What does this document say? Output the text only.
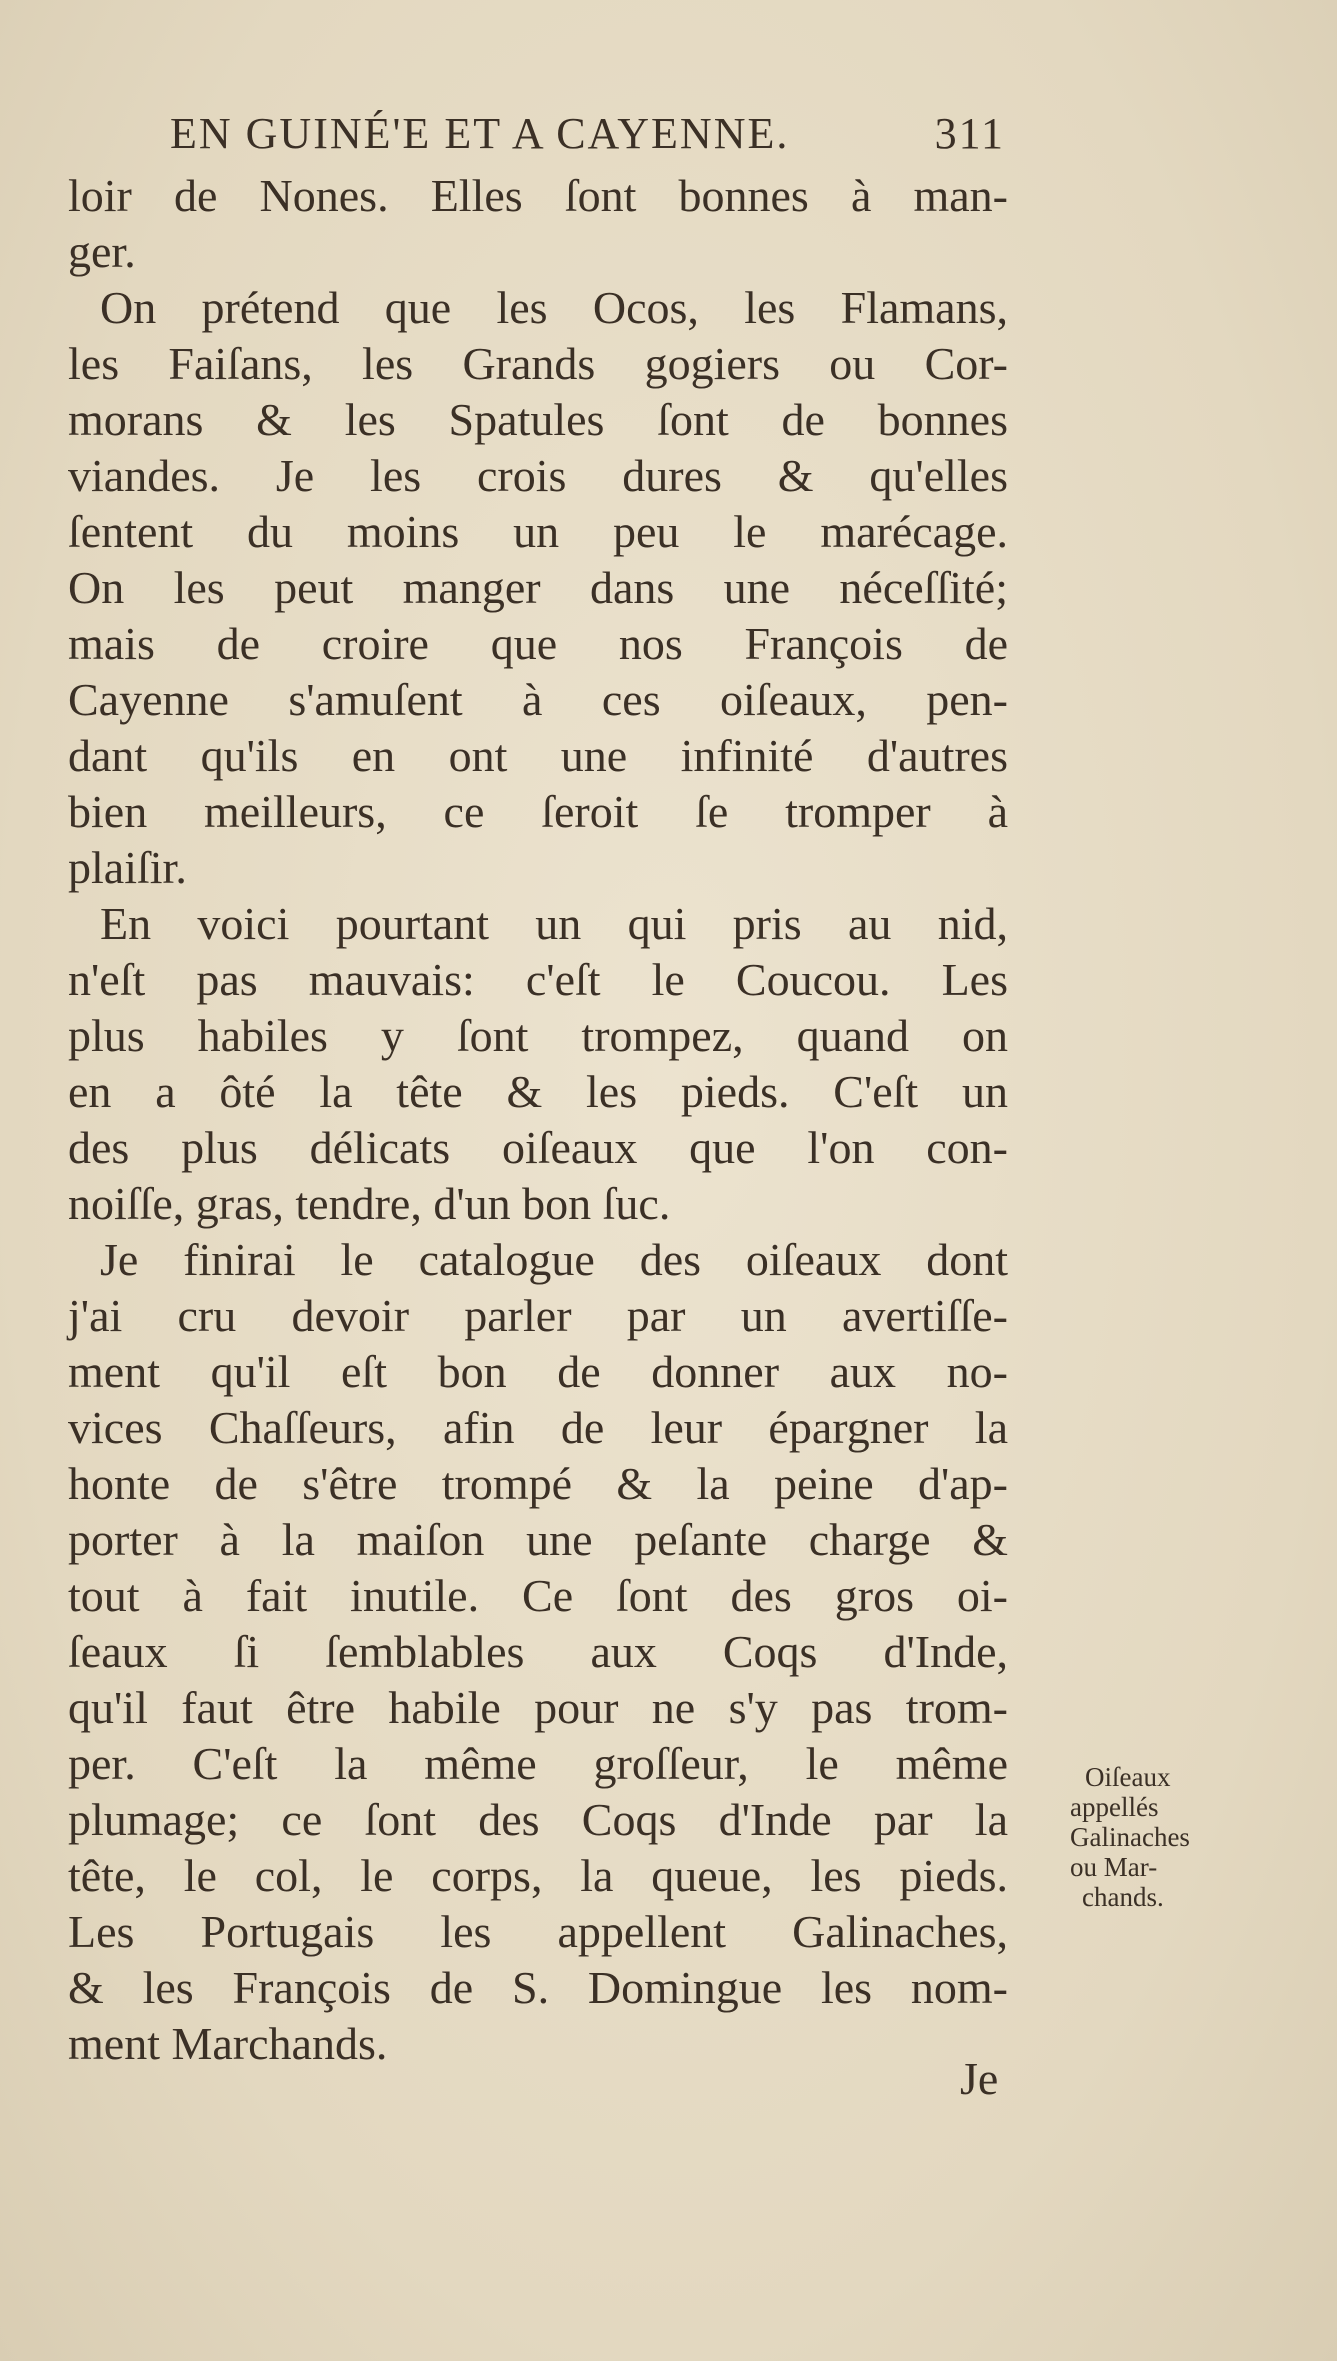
EN GUINÉ'E ET A CAYENNE.	311
loir de Nones. Elles ſont bonnes à man-
ger.
On prétend que les Ocos, les Flamans,
les Faiſans, les Grands gogiers ou Cor-
morans & les Spatules ſont de bonnes
viandes. Je les crois dures & qu'elles
ſentent du moins un peu le marécage.
On les peut manger dans une néceſſité;
mais de croire que nos François de
Cayenne s'amuſent à ces oiſeaux, pen-
dant qu'ils en ont une infinité d'autres
bien meilleurs, ce ſeroit ſe tromper à
plaiſir.
En voici pourtant un qui pris au nid,
n'eſt pas mauvais: c'eſt le Coucou. Les
plus habiles y ſont trompez, quand on
en a ôté la tête & les pieds. C'eſt un
des plus délicats oiſeaux que l'on con-
noiſſe, gras, tendre, d'un bon ſuc.
Je finirai le catalogue des oiſeaux dont
j'ai cru devoir parler par un avertiſſe-
ment qu'il eſt bon de donner aux no-
vices Chaſſeurs, afin de leur épargner la
honte de s'être trompé & la peine d'ap-
porter à la maiſon une peſante charge &
tout à fait inutile. Ce ſont des gros oi-
ſeaux ſi ſemblables aux Coqs d'Inde,
qu'il faut être habile pour ne s'y pas trom-
per. C'eſt la même groſſeur, le même
plumage; ce ſont des Coqs d'Inde par la
tête, le col, le corps, la queue, les pieds.
Les Portugais les appellent Galinaches,
& les François de S. Domingue les nom-
ment Marchands.
Oiſeaux
appellés
Galinaches
ou Mar-
chands.
Je
